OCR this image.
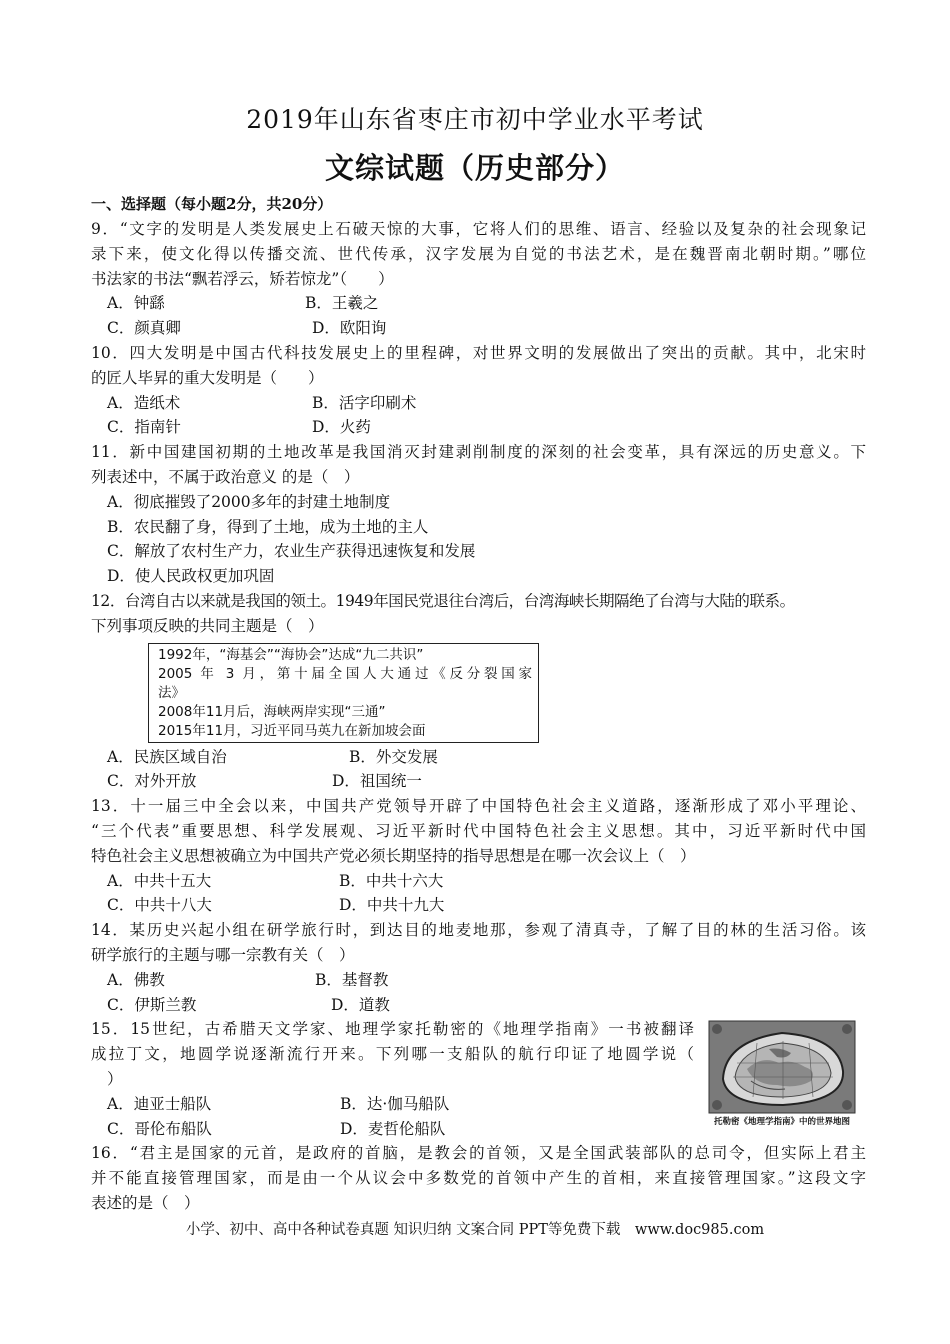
2019年山东省枣庄市初中学业水平考试
文综试题（历史部分）
一、选择题（每小题2分，共20分）
9．“文字的发明是人类发展史上石破天惊的大事，它将人们的思维、语言、经验以及复杂的社会现象记
录下来，使文化得以传播交流、世代传承，汉字发展为自觉的书法艺术，是在魏晋南北朝时期。”哪位
书法家的书法“飘若浮云，矫若惊龙”（　　）
A．钟繇	B．王羲之
C．颜真卿	D．欧阳询
10．四大发明是中国古代科技发展史上的里程碑，对世界文明的发展做出了突出的贡献。其中，北宋时
的匠人毕昇的重大发明是（　　）
A．造纸术	B．活字印刷术
C．指南针	D．火药
11．新中国建国初期的土地改革是我国消灭封建剥削制度的深刻的社会变革，具有深远的历史意义。下
列表述中，不属于政治意义 的是（　）
A．彻底摧毁了2000多年的封建土地制度
B．农民翻了身，得到了土地，成为土地的主人
C．解放了农村生产力，农业生产获得迅速恢复和发展
D．使人民政权更加巩固
12．台湾自古以来就是我国的领土。1949年国民党退往台湾后，台湾海峡长期隔绝了台湾与大陆的联系。
下列事项反映的共同主题是（　）
1992年，“海基会”“海协会”达成“九二共识”
2005 年 3 月，第十届全国人大通过《反分裂国家
法》
2008年11月后，海峡两岸实现“三通”
2015年11月，习近平同马英九在新加坡会面
A．民族区域自治	B．外交发展
C．对外开放	D．祖国统一
13．十一届三中全会以来，中国共产党领导开辟了中国特色社会主义道路，逐渐形成了邓小平理论、
“三个代表”重要思想、科学发展观、习近平新时代中国特色社会主义思想。其中，习近平新时代中国
特色社会主义思想被确立为中国共产党必须长期坚持的指导思想是在哪一次会议上（　）
A．中共十五大	B．中共十六大
C．中共十八大	D．中共十九大
14．某历史兴起小组在研学旅行时，到达目的地麦地那，参观了清真寺，了解了目的林的生活习俗。该
研学旅行的主题与哪一宗教有关（　）
A．佛教	B．基督教
C．伊斯兰教	D．道教
15．15世纪，古希腊天文学家、地理学家托勒密的《地理学指南》一书被翻译
成拉丁文，地圆学说逐渐流行开来。下列哪一支船队的航行印证了地圆学说（
）
A．迪亚士船队	B．达·伽马船队
C．哥伦布船队	D．麦哲伦船队	托勒密《地理学指南》中的世界地图
16．“君主是国家的元首，是政府的首脑，是教会的首领，又是全国武装部队的总司令，但实际上君主
并不能直接管理国家，而是由一个从议会中多数党的首领中产生的首相，来直接管理国家。”这段文字
表述的是（　）
小学、初中、高中各种试卷真题 知识归纳 文案合同 PPT等免费下载　www.doc985.com
